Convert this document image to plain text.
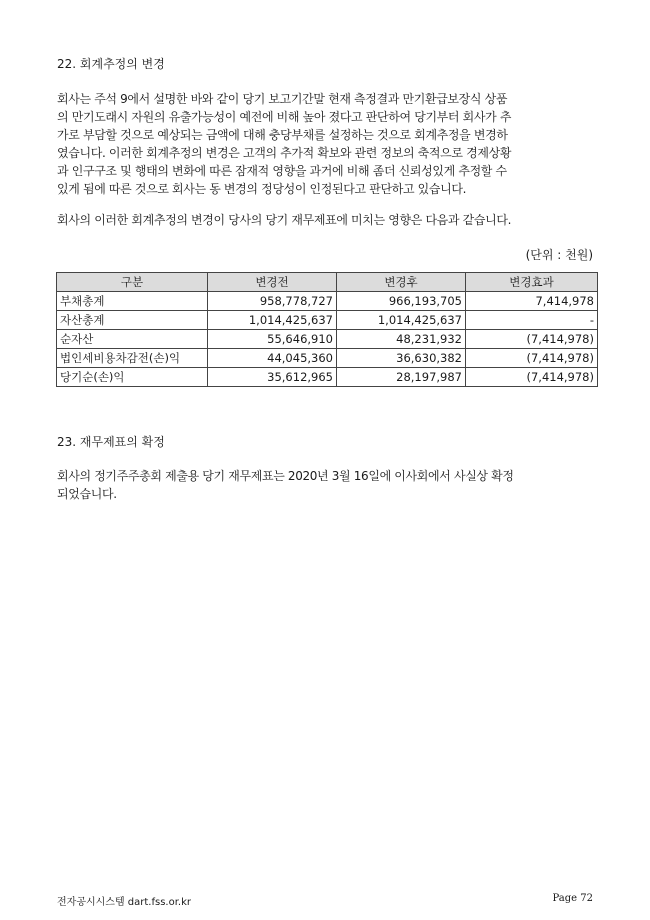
22. 회계추정의 변경
회사는 주석 9에서 설명한 바와 같이 당기 보고기간말 현재 측정결과 만기환급보장식 상품
의 만기도래시 자원의 유출가능성이 예전에 비해 높아 졌다고 판단하여 당기부터 회사가 추
가로 부담할 것으로 예상되는 금액에 대해 충당부채를 설정하는 것으로 회계추정을 변경하
였습니다. 이러한 회계추정의 변경은 고객의 추가적 확보와 관련 정보의 축적으로 경제상황
과 인구구조 및 행태의 변화에 따른 잠재적 영향을 과거에 비해 좀더 신뢰성있게 추정할 수
있게 됨에 따른 것으로 회사는 동 변경의 정당성이 인정된다고 판단하고 있습니다.
회사의 이러한 회계추정의 변경이 당사의 당기 재무제표에 미치는 영향은 다음과 같습니다.
(단위 : 천원)
구분	변경전	변경후	변경효과
부채총계	958,778,727	966,193,705	7,414,978
자산총계	1,014,425,637	1,014,425,637	-
순자산	55,646,910	48,231,932	(7,414,978)
법인세비용차감전(손)익	44,045,360	36,630,382	(7,414,978)
당기순(손)익	35,612,965	28,197,987	(7,414,978)
23. 재무제표의 확정
회사의 정기주주총회 제출용 당기 재무제표는 2020년 3월 16일에 이사회에서 사실상 확정
되었습니다.
전자공시시스템 dart.fss.or.kr	Page 72
